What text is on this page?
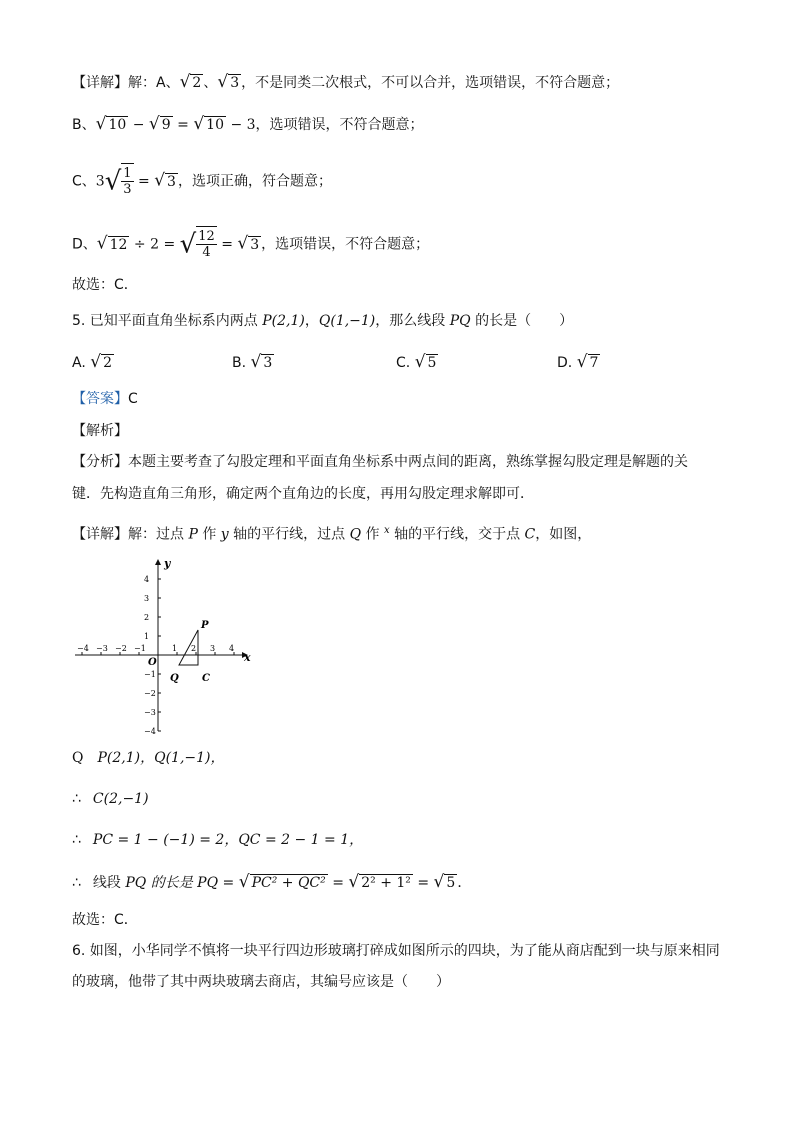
【详解】解：A、√ 2 、√ 3 ，不是同类二次根式，不可以合并，选项错误，不符合题意；
B、√ 10 − √ 9 = √ 10 − 3，选项错误，不符合题意；
C、$3√ \frac{1}{3}$ = √ 3 ，选项正确，符合题意；
D、√ 12 ÷ 2 = √ $\frac{12}{4}$ = √ 3 ，选项错误，不符合题意；
故选：C．
5. 已知平面直角坐标系内两点 P(2,1)，Q(1,−1)，那么线段 PQ 的长是（　　）
A. √ 2	B. √ 3	C. √ 5	D. √ 7
【答案】C
【解析】
【分析】本题主要考查了勾股定理和平面直角坐标系中两点间的距离，熟练掌握勾股定理是解题的关
键．先构造直角三角形，确定两个直角边的长度，再用勾股定理求解即可．
【详解】解：过点 P 作 y 轴的平行线，过点 Q 作 $^x$ 轴的平行线，交于点 C，如图，
−4 −3 −2 −1	1 2 3 4
4
3
2
1
−1
−2
−3
−4
x
y
O
P
Q C
Q P(2,1)，Q(1,−1)，
∴ C(2,−1)
∴ PC = 1 − (−1) = 2，QC = 2 − 1 = 1，
∴ 线段 PQ 的长是 PQ = √ PC² + QC² = √ 2² + 1² = √ 5 ．
故选：C．
6. 如图，小华同学不慎将一块平行四边形玻璃打碎成如图所示的四块，为了能从商店配到一块与原来相同
的玻璃，他带了其中两块玻璃去商店，其编号应该是（　　）
